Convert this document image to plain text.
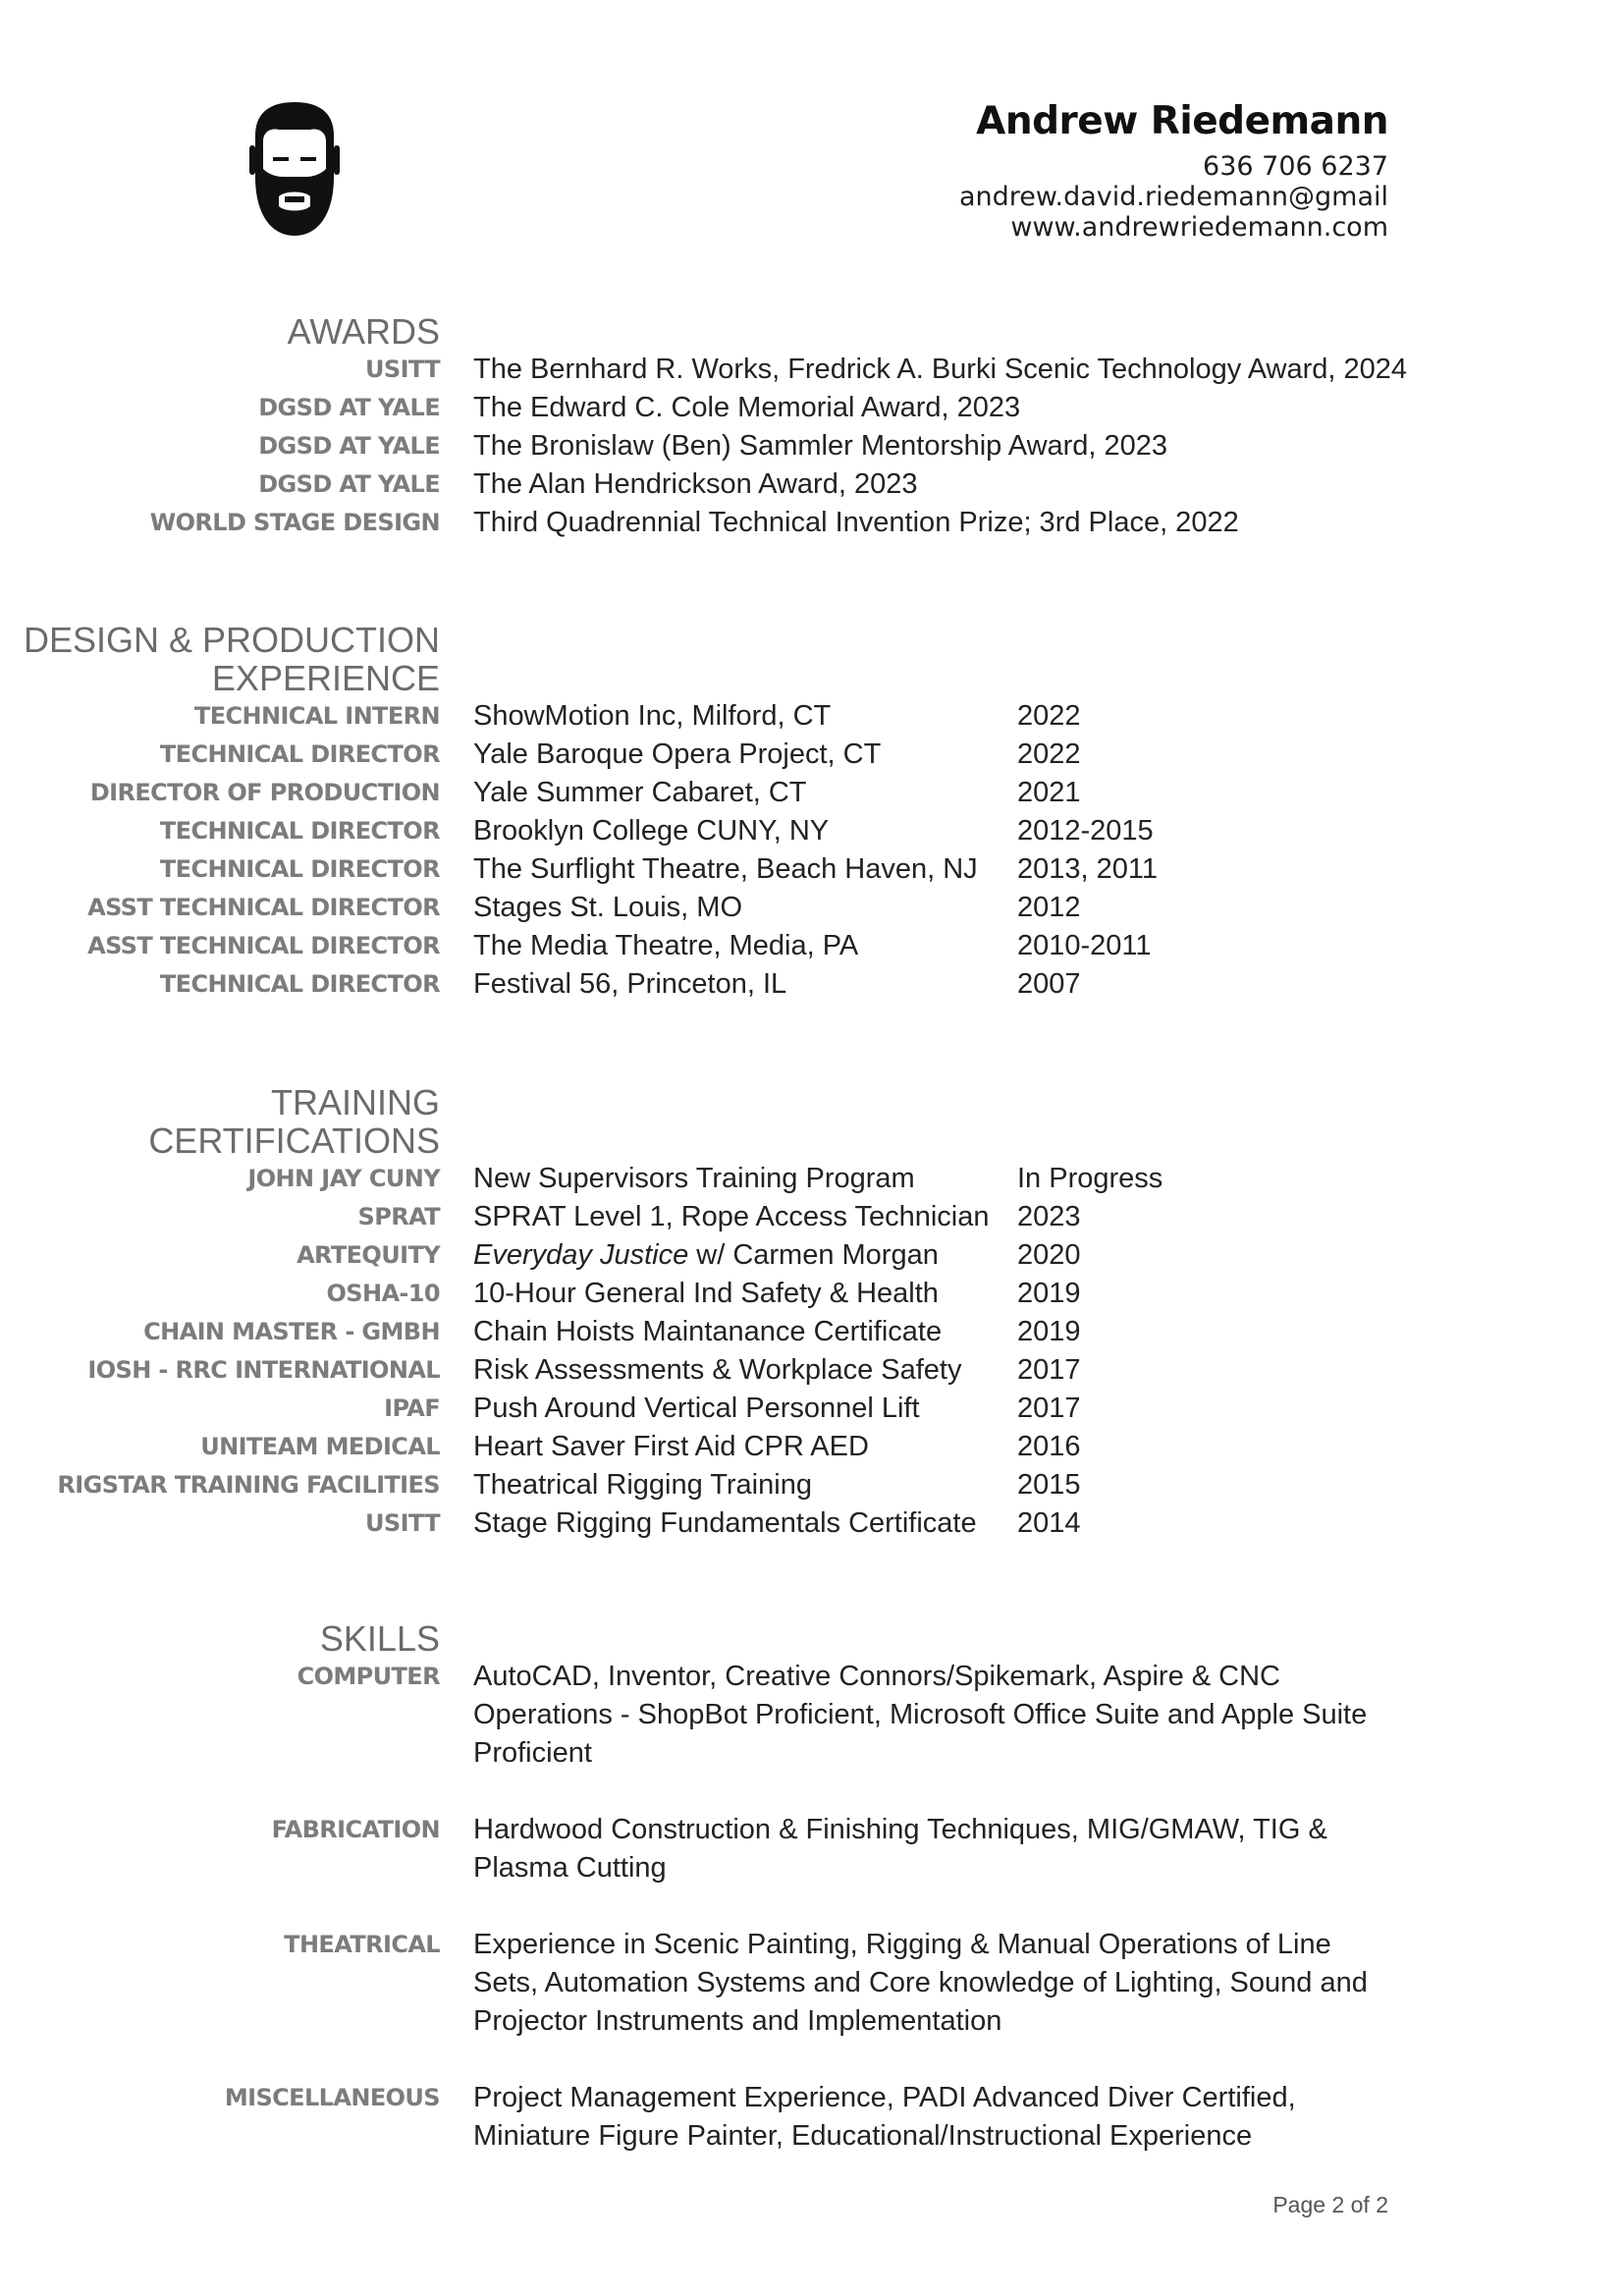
Andrew Riedemann
636 706 6237
andrew.david.riedemann@gmail
www.andrewriedemann.com
AWARDS
USITT The Bernhard R. Works, Fredrick A. Burki Scenic Technology Award, 2024
DGSD AT YALE The Edward C. Cole Memorial Award, 2023
DGSD AT YALE The Bronislaw (Ben) Sammler Mentorship Award, 2023
DGSD AT YALE The Alan Hendrickson Award, 2023
WORLD STAGE DESIGN Third Quadrennial Technical Invention Prize; 3rd Place, 2022
DESIGN & PRODUCTION
EXPERIENCE
TECHNICAL INTERN ShowMotion Inc, Milford, CT	2022
TECHNICAL DIRECTOR Yale Baroque Opera Project, CT	2022
DIRECTOR OF PRODUCTION Yale Summer Cabaret, CT	2021
TECHNICAL DIRECTOR Brooklyn College CUNY, NY	2012-2015
TECHNICAL DIRECTOR The Surflight Theatre, Beach Haven, NJ	2013, 2011
ASST TECHNICAL DIRECTOR Stages St. Louis, MO	2012
ASST TECHNICAL DIRECTOR The Media Theatre, Media, PA	2010-2011
TECHNICAL DIRECTOR Festival 56, Princeton, IL	2007
TRAINING
CERTIFICATIONS
JOHN JAY CUNY New Supervisors Training Program	In Progress
SPRAT SPRAT Level 1, Rope Access Technician 2023
ARTEQUITY Everyday Justice w/ Carmen Morgan	2020
OSHA-10 10-Hour General Ind Safety & Health	2019
CHAIN MASTER - GMBH Chain Hoists Maintanance Certificate	2019
IOSH - RRC INTERNATIONAL Risk Assessments & Workplace Safety	2017
IPAF Push Around Vertical Personnel Lift	2017
UNITEAM MEDICAL Heart Saver First Aid CPR AED	2016
RIGSTAR TRAINING FACILITIES Theatrical Rigging Training	2015
USITT Stage Rigging Fundamentals Certificate	2014
SKILLS
COMPUTER AutoCAD, Inventor, Creative Connors/Spikemark, Aspire & CNC Operations - ShopBot Proficient, Microsoft Office Suite and Apple Suite Proficient
FABRICATION Hardwood Construction & Finishing Techniques, MIG/GMAW, TIG & Plasma Cutting
THEATRICAL Experience in Scenic Painting, Rigging & Manual Operations of Line Sets, Automation Systems and Core knowledge of Lighting, Sound and Projector Instruments and Implementation
MISCELLANEOUS Project Management Experience, PADI Advanced Diver Certified, Miniature Figure Painter, Educational/Instructional Experience
Page 2 of 2
